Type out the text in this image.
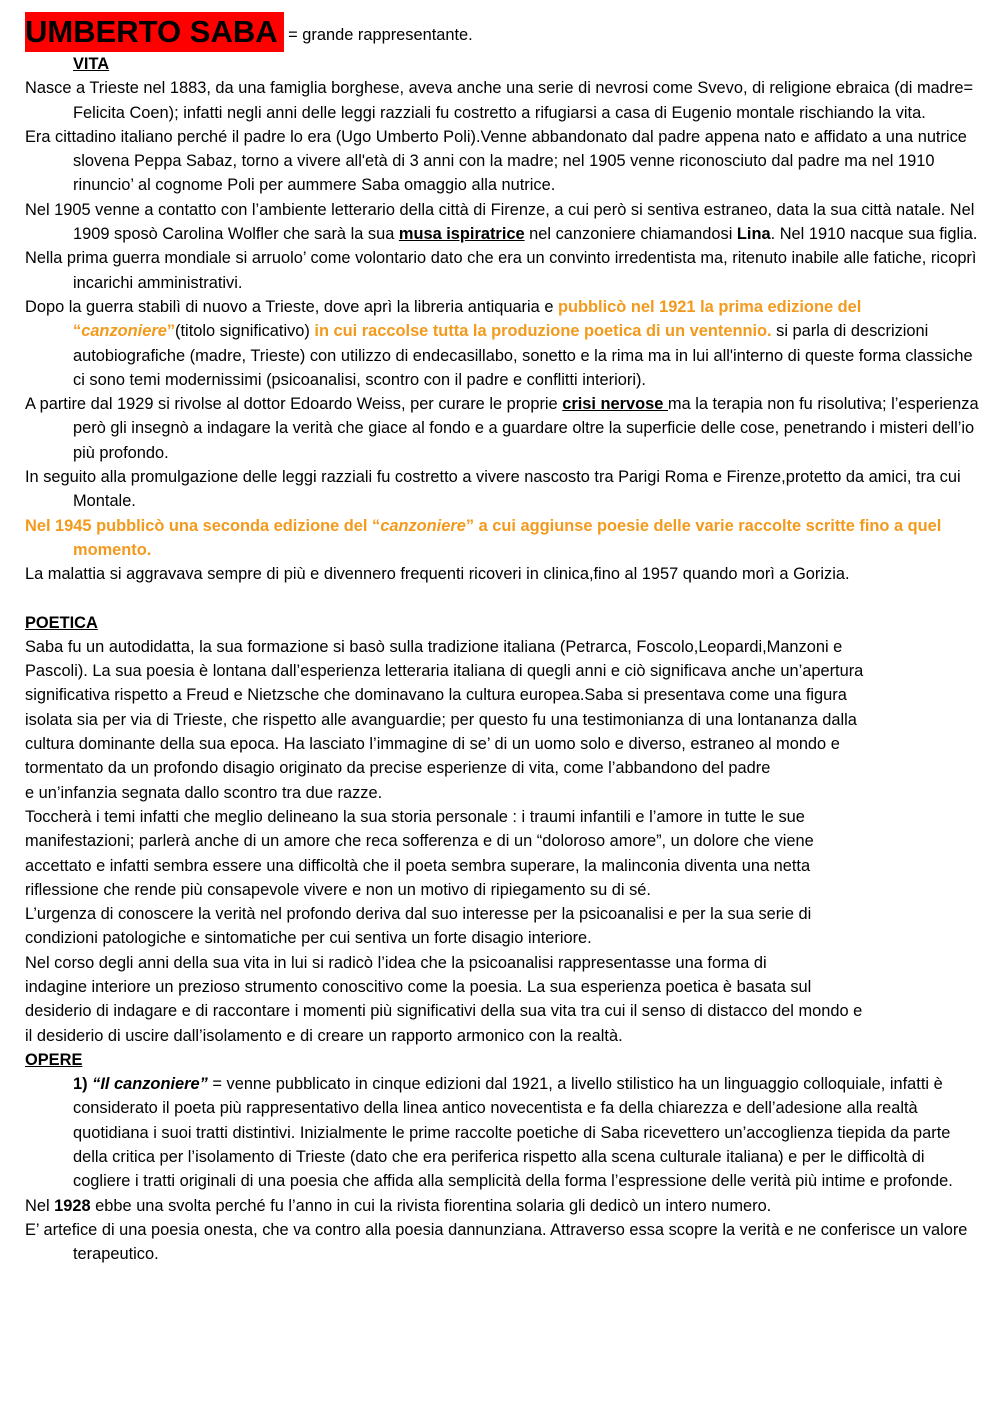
UMBERTO SABA = grande rappresentante.
VITA

Nasce a Trieste nel 1883, da una famiglia borghese, aveva anche una serie di nevrosi come Svevo, di religione ebraica (di madre= Felicita Coen); infatti negli anni delle leggi razziali fu costretto a rifugiarsi a casa di Eugenio montale rischiando la vita.

Era cittadino italiano perché il padre lo era (Ugo Umberto Poli).Venne abbandonato dal padre appena nato e affidato a una nutrice slovena Peppa Sabaz, torno a vivere all'età di 3 anni con la madre; nel 1905 venne riconosciuto dal padre ma nel 1910 rinuncio’ al cognome Poli per aummere Saba omaggio alla nutrice.

Nel 1905 venne a contatto con l’ambiente letterario della città di Firenze, a cui però si sentiva estraneo, data la sua città natale. Nel 1909 sposò Carolina Wolfler che sarà la sua musa ispiratrice nel canzoniere chiamandosi Lina. Nel 1910 nacque sua figlia.

Nella prima guerra mondiale si arruolo’ come volontario dato che era un convinto irredentista ma, ritenuto inabile alle fatiche, ricoprì incarichi amministrativi.

Dopo la guerra stabilì di nuovo a Trieste, dove aprì la libreria antiquaria e pubblicò nel 1921 la prima edizione del “canzoniere”(titolo significativo) in cui raccolse tutta la produzione poetica di un ventennio. si parla di descrizioni autobiografiche (madre, Trieste) con utilizzo di endecasillabo, sonetto e la rima ma in lui all'interno di queste forma classiche ci sono temi modernissimi (psicoanalisi, scontro con il padre e conflitti interiori).

A partire dal 1929 si rivolse al dottor Edoardo Weiss, per curare le proprie crisi nervose ma la terapia non fu risolutiva; l’esperienza però gli insegnò a indagare la verità che giace al fondo e a guardare oltre la superficie delle cose, penetrando i misteri dell’io più profondo.

In seguito alla promulgazione delle leggi razziali fu costretto a vivere nascosto tra Parigi Roma e Firenze,protetto da amici, tra cui Montale.

Nel 1945 pubblicò una seconda edizione del “canzoniere” a cui aggiunse poesie delle varie raccolte scritte fino a quel momento.

La malattia si aggravava sempre di più e divennero frequenti ricoveri in clinica,fino al 1957 quando morì a Gorizia.

POETICA
Saba fu un autodidatta, la sua formazione si basò sulla tradizione italiana (Petrarca, Foscolo,Leopardi,Manzoni e
Pascoli). La sua poesia è lontana dall’esperienza letteraria italiana di quegli anni e ciò significava anche un’apertura
significativa rispetto a Freud e Nietzsche che dominavano la cultura europea.Saba si presentava come una figura
isolata sia per via di Trieste, che rispetto alle avanguardie; per questo fu una testimonianza di una lontananza dalla
cultura dominante della sua epoca. Ha lasciato l’immagine di se’ di un uomo solo e diverso, estraneo al mondo e
tormentato da un profondo disagio originato da precise esperienze di vita, come l’abbandono del padre
e un’infanzia segnata dallo scontro tra due razze.
Toccherà i temi infatti che meglio delineano la sua storia personale : i traumi infantili e l’amore in tutte le sue
manifestazioni; parlerà anche di un amore che reca sofferenza e di un “doloroso amore”, un dolore che viene
accettato e infatti sembra essere una difficoltà che il poeta sembra superare, la malinconia diventa una netta
riflessione che rende più consapevole vivere e non un motivo di ripiegamento su di sé.
L’urgenza di conoscere la verità nel profondo deriva dal suo interesse per la psicoanalisi e per la sua serie di
condizioni patologiche e sintomatiche per cui sentiva un forte disagio interiore.
Nel corso degli anni della sua vita in lui si radicò l’idea che la psicoanalisi rappresentasse una forma di
indagine interiore un prezioso strumento conoscitivo come la poesia. La sua esperienza poetica è basata sul
desiderio di indagare e di raccontare i momenti più significativi della sua vita tra cui il senso di distacco del mondo e
il desiderio di uscire dall’isolamento e di creare un rapporto armonico con la realtà.
OPERE

1) “Il canzoniere” = venne pubblicato in cinque edizioni dal 1921, a livello stilistico ha un linguaggio colloquiale, infatti è considerato il poeta più rappresentativo della linea antico novecentista e fa della chiarezza e dell’adesione alla realtà quotidiana i suoi tratti distintivi. Inizialmente le prime raccolte poetiche di Saba ricevettero un’accoglienza tiepida da parte della critica per l’isolamento di Trieste (dato che era periferica rispetto alla scena culturale italiana) e per le difficoltà di cogliere i tratti originali di una poesia che affida alla semplicità della forma l’espressione delle verità più intime e profonde.

Nel 1928 ebbe una svolta perché fu l’anno in cui la rivista fiorentina solaria gli dedicò un intero numero.

E’ artefice di una poesia onesta, che va contro alla poesia dannunziana. Attraverso essa scopre la verità e ne conferisce un valore terapeutico.
